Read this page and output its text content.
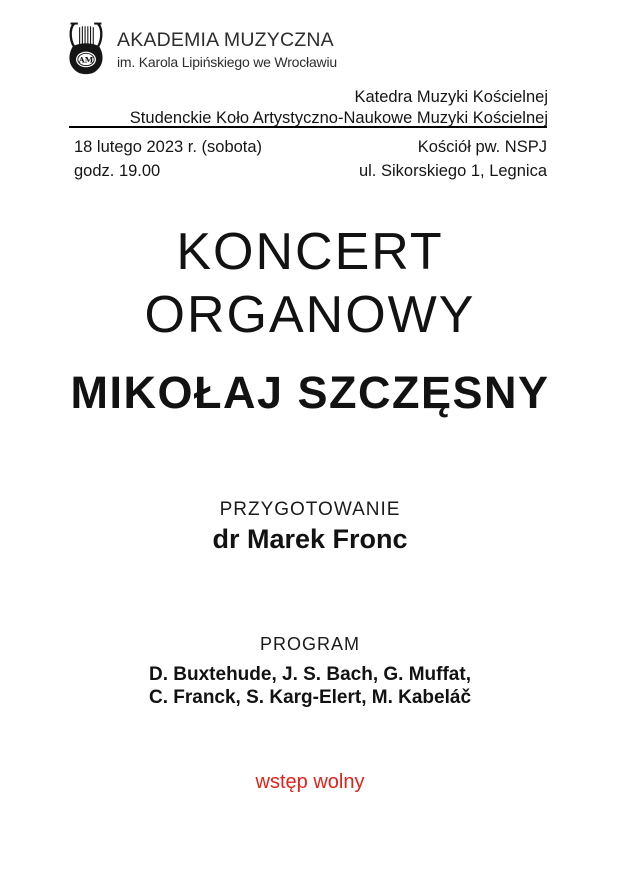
AM
AKADEMIA MUZYCZNA
im. Karola Lipińskiego we Wrocławiu
Katedra Muzyki Kościelnej
Studenckie Koło Artystyczno-Naukowe Muzyki Kościelnej
18 lutego 2023 r. (sobota)	Kościół pw. NSPJ
godz. 19.00	ul. Sikorskiego 1, Legnica
KONCERT
ORGANOWY
MIKOŁAJ SZCZĘSNY
PRZYGOTOWANIE
dr Marek Fronc
PROGRAM
D. Buxtehude, J. S. Bach, G. Muffat,
C. Franck, S. Karg-Elert, M. Kabeláč
wstęp wolny
